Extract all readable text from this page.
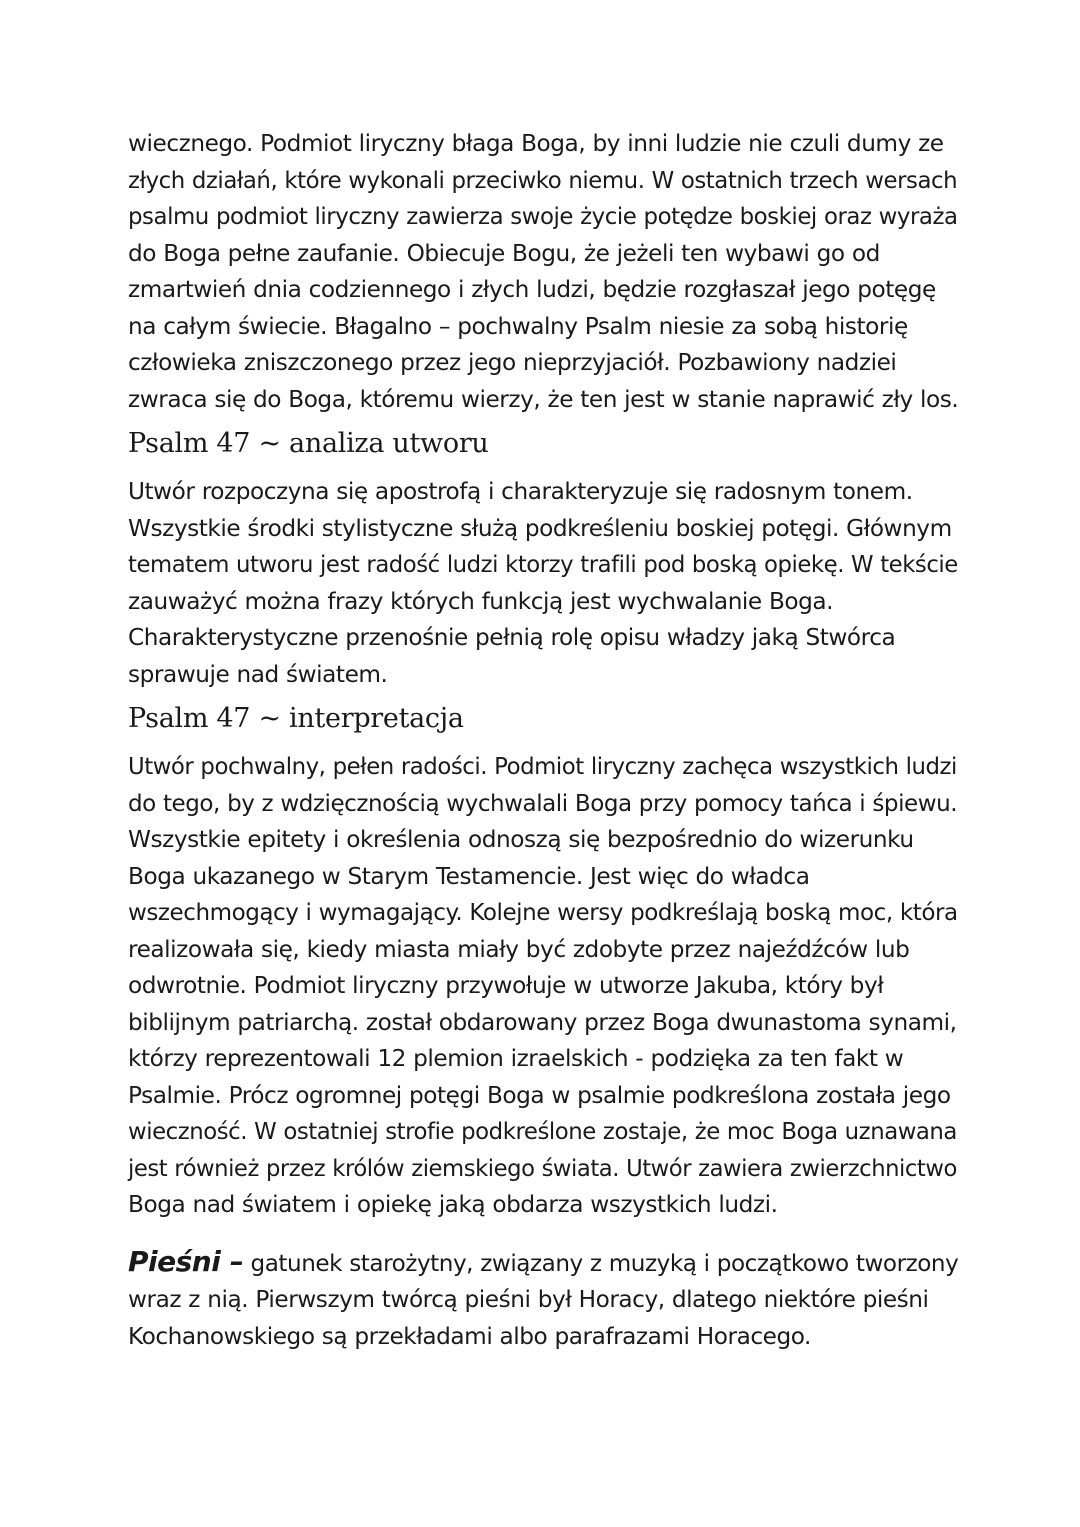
wiecznego. Podmiot liryczny błaga Boga, by inni ludzie nie czuli dumy ze
złych działań, które wykonali przeciwko niemu. W ostatnich trzech wersach
psalmu podmiot liryczny zawierza swoje życie potędze boskiej oraz wyraża
do Boga pełne zaufanie. Obiecuje Bogu, że jeżeli ten wybawi go od
zmartwień dnia codziennego i złych ludzi, będzie rozgłaszał jego potęgę
na całym świecie. Błagalno – pochwalny Psalm niesie za sobą historię
człowieka zniszczonego przez jego nieprzyjaciół. Pozbawiony nadziei
zwraca się do Boga, któremu wierzy, że ten jest w stanie naprawić zły los.

Psalm 47 ~ analiza utworu

Utwór rozpoczyna się apostrofą i charakteryzuje się radosnym tonem.
Wszystkie środki stylistyczne służą podkreśleniu boskiej potęgi. Głównym
tematem utworu jest radość ludzi ktorzy trafili pod boską opiekę. W tekście
zauważyć można frazy których funkcją jest wychwalanie Boga.
Charakterystyczne przenośnie pełnią rolę opisu władzy jaką Stwórca
sprawuje nad światem.

Psalm 47 ~ interpretacja

Utwór pochwalny, pełen radości. Podmiot liryczny zachęca wszystkich ludzi
do tego, by z wdzięcznością wychwalali Boga przy pomocy tańca i śpiewu.
Wszystkie epitety i określenia odnoszą się bezpośrednio do wizerunku
Boga ukazanego w Starym Testamencie. Jest więc do władca
wszechmogący i wymagający. Kolejne wersy podkreślają boską moc, która
realizowała się, kiedy miasta miały być zdobyte przez najeźdźców lub
odwrotnie. Podmiot liryczny przywołuje w utworze Jakuba, który był
biblijnym patriarchą. został obdarowany przez Boga dwunastoma synami,
którzy reprezentowali 12 plemion izraelskich - podzięka za ten fakt w
Psalmie. Prócz ogromnej potęgi Boga w psalmie podkreślona została jego
wieczność. W ostatniej strofie podkreślone zostaje, że moc Boga uznawana
jest również przez królów ziemskiego świata. Utwór zawiera zwierzchnictwo
Boga nad światem i opiekę jaką obdarza wszystkich ludzi.

Pieśni – gatunek starożytny, związany z muzyką i początkowo tworzony
wraz z nią. Pierwszym twórcą pieśni był Horacy, dlatego niektóre pieśni
Kochanowskiego są przekładami albo parafrazami Horacego.
